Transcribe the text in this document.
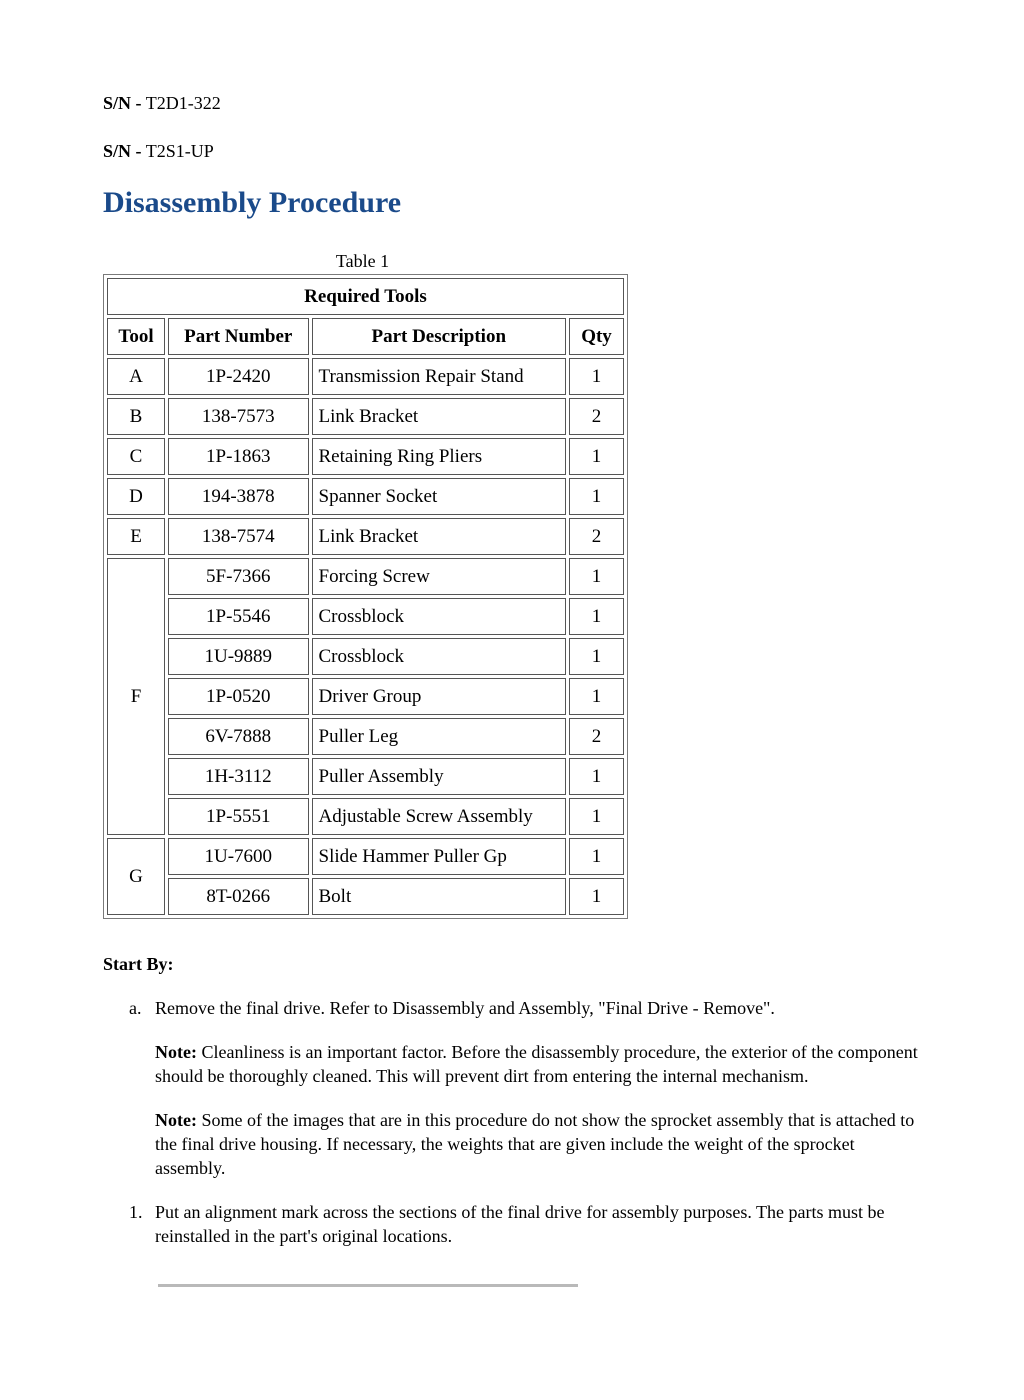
S/N - T2D1-322
S/N - T2S1-UP
Disassembly Procedure
Table 1
Required Tools			
Tool	Part Number	Part Description	Qty
A	1P-2420	Transmission Repair Stand	1
B	138-7573	Link Bracket	2
C	1P-1863	Retaining Ring Pliers	1
D	194-3878	Spanner Socket	1
E	138-7574	Link Bracket	2
F	5F-7366	Forcing Screw	1
	1P-5546	Crossblock	1
	1U-9889	Crossblock	1
	1P-0520	Driver Group	1
	6V-7888	Puller Leg	2
	1H-3112	Puller Assembly	1
	1P-5551	Adjustable Screw Assembly	1
G	1U-7600	Slide Hammer Puller Gp	1
	8T-0266	Bolt	1
Start By:
a. Remove the final drive. Refer to Disassembly and Assembly, "Final Drive - Remove".

Note: Cleanliness is an important factor. Before the disassembly procedure, the exterior of the component should be thoroughly cleaned. This will prevent dirt from entering the internal mechanism.

Note: Some of the images that are in this procedure do not show the sprocket assembly that is attached to the final drive housing. If necessary, the weights that are given include the weight of the sprocket assembly.

1. Put an alignment mark across the sections of the final drive for assembly purposes. The parts must be reinstalled in the part's original locations.
